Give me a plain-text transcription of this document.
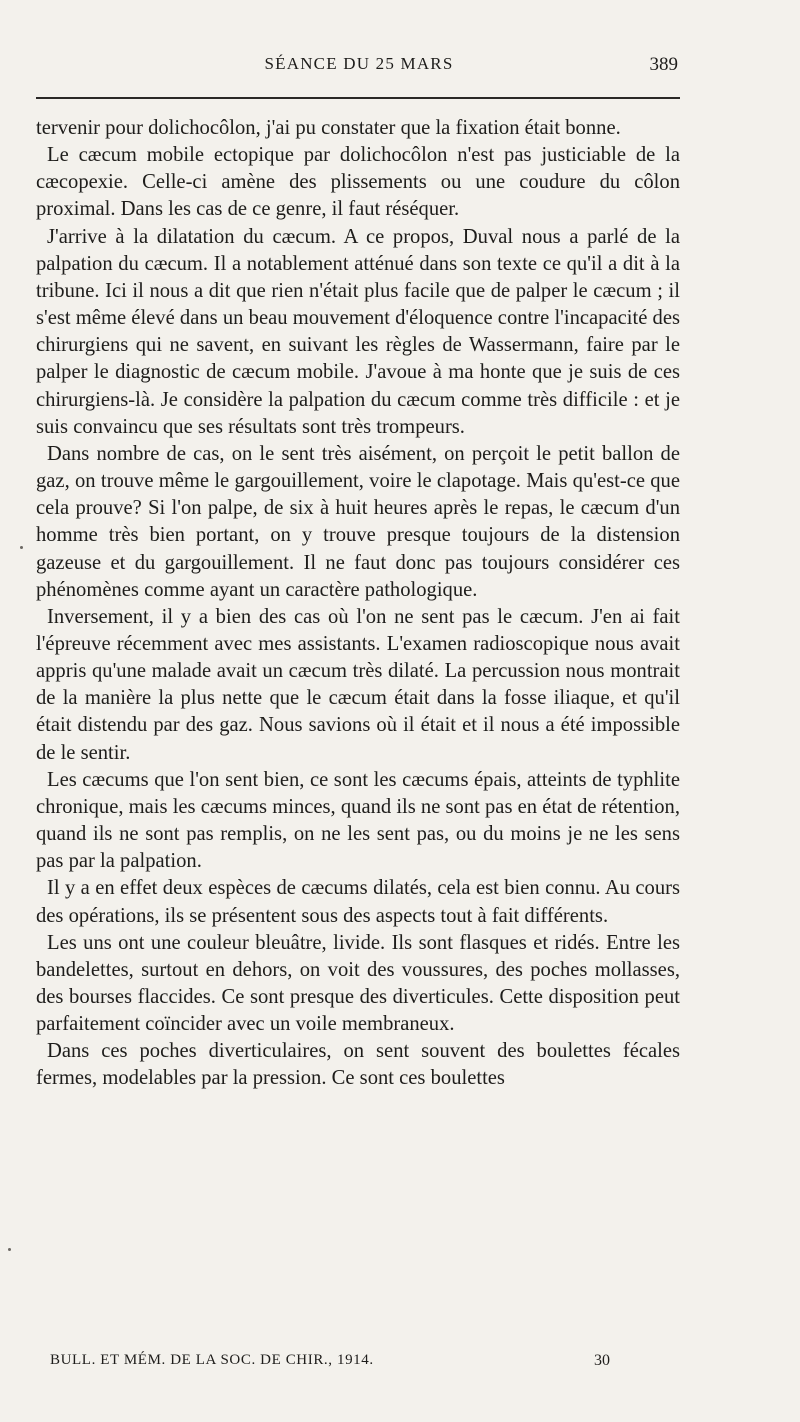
SÉANCE DU 25 MARS	389

tervenir pour dolichocôlon, j'ai pu constater que la fixation était bonne.

Le cæcum mobile ectopique par dolichocôlon n'est pas justiciable de la cæcopexie. Celle-ci amène des plissements ou une coudure du côlon proximal. Dans les cas de ce genre, il faut réséquer.

J'arrive à la dilatation du cæcum. A ce propos, Duval nous a parlé de la palpation du cæcum. Il a notablement atténué dans son texte ce qu'il a dit à la tribune. Ici il nous a dit que rien n'était plus facile que de palper le cæcum ; il s'est même élevé dans un beau mouvement d'éloquence contre l'incapacité des chirurgiens qui ne savent, en suivant les règles de Wassermann, faire par le palper le diagnostic de cæcum mobile. J'avoue à ma honte que je suis de ces chirurgiens-là. Je considère la palpation du cæcum comme très difficile : et je suis convaincu que ses résultats sont très trompeurs.

Dans nombre de cas, on le sent très aisément, on perçoit le petit ballon de gaz, on trouve même le gargouillement, voire le clapotage. Mais qu'est-ce que cela prouve? Si l'on palpe, de six à huit heures après le repas, le cæcum d'un homme très bien portant, on y trouve presque toujours de la distension gazeuse et du gargouillement. Il ne faut donc pas toujours considérer ces phénomènes comme ayant un caractère pathologique.

Inversement, il y a bien des cas où l'on ne sent pas le cæcum. J'en ai fait l'épreuve récemment avec mes assistants. L'examen radioscopique nous avait appris qu'une malade avait un cæcum très dilaté. La percussion nous montrait de la manière la plus nette que le cæcum était dans la fosse iliaque, et qu'il était distendu par des gaz. Nous savions où il était et il nous a été impossible de le sentir.

Les cæcums que l'on sent bien, ce sont les cæcums épais, atteints de typhlite chronique, mais les cæcums minces, quand ils ne sont pas en état de rétention, quand ils ne sont pas remplis, on ne les sent pas, ou du moins je ne les sens pas par la palpation.

Il y a en effet deux espèces de cæcums dilatés, cela est bien connu. Au cours des opérations, ils se présentent sous des aspects tout à fait différents.

Les uns ont une couleur bleuâtre, livide. Ils sont flasques et ridés. Entre les bandelettes, surtout en dehors, on voit des voussures, des poches mollasses, des bourses flaccides. Ce sont presque des diverticules. Cette disposition peut parfaitement coïncider avec un voile membraneux.

Dans ces poches diverticulaires, on sent souvent des boulettes fécales fermes, modelables par la pression. Ce sont ces boulettes

BULL. ET MÉM. DE LA SOC. DE CHIR., 1914.	30
